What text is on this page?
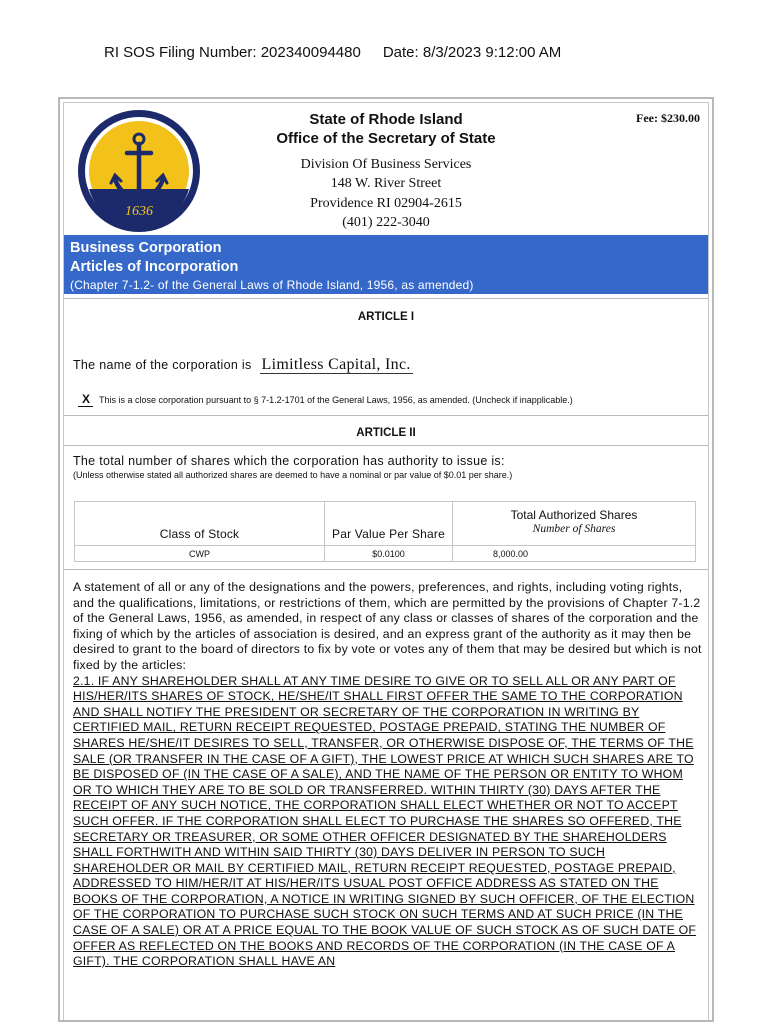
RI SOS Filing Number: 202340094480 Date: 8/3/2023 9:12:00 AM
1636
State of Rhode Island
Office of the Secretary of State
Fee: $230.00
Division Of Business Services
148 W. River Street
Providence RI 02904-2615
(401) 222-3040
Business Corporation
Articles of Incorporation
(Chapter 7-1.2- of the General Laws of Rhode Island, 1956, as amended)
ARTICLE I
The name of the corporation is Limitless Capital, Inc.
X This is a close corporation pursuant to § 7-1.2-1701 of the General Laws, 1956, as amended. (Uncheck if inapplicable.)
ARTICLE II
The total number of shares which the corporation has authority to issue is:
(Unless otherwise stated all authorized shares are deemed to have a nominal or par value of $0.01 per share.)
Class of Stock	Par Value Per Share	Total Authorized Shares
Number of Shares

CWP	$0.0100	8,000.00
A statement of all or any of the designations and the powers, preferences, and rights, including voting rights, and the qualifications, limitations, or restrictions of them, which are permitted by the provisions of Chapter 7-1.2 of the General Laws, 1956, as amended, in respect of any class or classes of shares of the corporation and the fixing of which by the articles of association is desired, and an express grant of the authority as it may then be desired to grant to the board of directors to fix by vote or votes any of them that may be desired but which is not fixed by the articles:
2.1. IF ANY SHAREHOLDER SHALL AT ANY TIME DESIRE TO GIVE OR TO SELL ALL OR ANY PART OF HIS/HER/ITS SHARES OF STOCK, HE/SHE/IT SHALL FIRST OFFER THE SAME TO THE CORPORATION AND SHALL NOTIFY THE PRESIDENT OR SECRETARY OF THE CORPORATION IN WRITING BY CERTIFIED MAIL, RETURN RECEIPT REQUESTED, POSTAGE PREPAID, STATING THE NUMBER OF SHARES HE/SHE/IT DESIRES TO SELL, TRANSFER, OR OTHERWISE DISPOSE OF, THE TERMS OF THE SALE (OR TRANSFER IN THE CASE OF A GIFT), THE LOWEST PRICE AT WHICH SUCH SHARES ARE TO BE DISPOSED OF (IN THE CASE OF A SALE), AND THE NAME OF THE PERSON OR ENTITY TO WHOM OR TO WHICH THEY ARE TO BE SOLD OR TRANSFERRED. WITHIN THIRTY (30) DAYS AFTER THE RECEIPT OF ANY SUCH NOTICE, THE CORPORATION SHALL ELECT WHETHER OR NOT TO ACCEPT SUCH OFFER. IF THE CORPORATION SHALL ELECT TO PURCHASE THE SHARES SO OFFERED, THE SECRETARY OR TREASURER, OR SOME OTHER OFFICER DESIGNATED BY THE SHAREHOLDERS SHALL FORTHWITH AND WITHIN SAID THIRTY (30) DAYS DELIVER IN PERSON TO SUCH SHAREHOLDER OR MAIL BY CERTIFIED MAIL, RETURN RECEIPT REQUESTED, POSTAGE PREPAID, ADDRESSED TO HIM/HER/IT AT HIS/HER/ITS USUAL POST OFFICE ADDRESS AS STATED ON THE BOOKS OF THE CORPORATION, A NOTICE IN WRITING SIGNED BY SUCH OFFICER, OF THE ELECTION OF THE CORPORATION TO PURCHASE SUCH STOCK ON SUCH TERMS AND AT SUCH PRICE (IN THE CASE OF A SALE) OR AT A PRICE EQUAL TO THE BOOK VALUE OF SUCH STOCK AS OF SUCH DATE OF OFFER AS REFLECTED ON THE BOOKS AND RECORDS OF THE CORPORATION (IN THE CASE OF A GIFT). THE CORPORATION SHALL HAVE AN
